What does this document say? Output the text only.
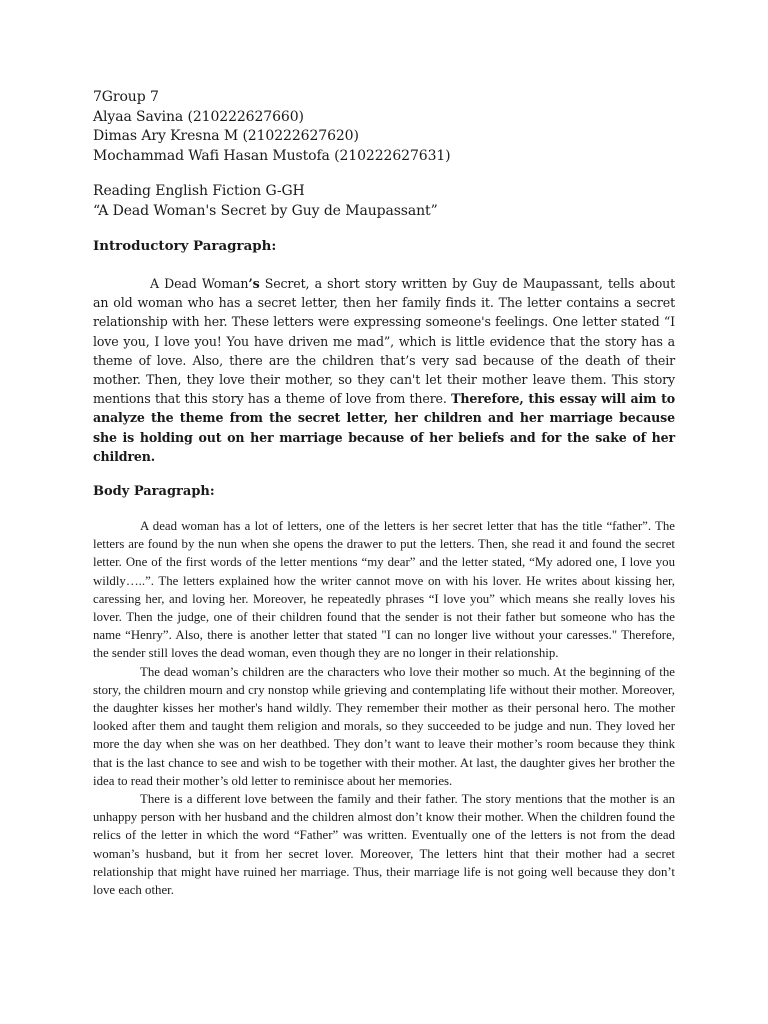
7Group 7
Alyaa Savina (210222627660)
Dimas Ary Kresna M (210222627620)
Mochammad Wafi Hasan Mustofa (210222627631)
Reading English Fiction G-GH
“A Dead Woman's Secret by Guy de Maupassant”

Introductory Paragraph:

A Dead Woman’s Secret, a short story written by Guy de Maupassant, tells about an old woman who has a secret letter, then her family finds it. The letter contains a secret relationship with her. These letters were expressing someone's feelings. One letter stated “I love you, I love you! You have driven me mad”, which is little evidence that the story has a theme of love. Also, there are the children that’s very sad because of the death of their mother. Then, they love their mother, so they can't let their mother leave them. This story mentions that this story has a theme of love from there. Therefore, this essay will aim to analyze the theme from the secret letter, her children and her marriage because she is holding out on her marriage because of her beliefs and for the sake of her children.

Body Paragraph:

A dead woman has a lot of letters, one of the letters is her secret letter that has the title “father”. The letters are found by the nun when she opens the drawer to put the letters. Then, she read it and found the secret letter. One of the first words of the letter mentions “my dear” and the letter stated, “My adored one, I love you wildly…..”. The letters explained how the writer cannot move on with his lover. He writes about kissing her, caressing her, and loving her. Moreover, he repeatedly phrases “I love you” which means she really loves his lover. Then the judge, one of their children found that the sender is not their father but someone who has the name “Henry”. Also, there is another letter that stated "I can no longer live without your caresses." Therefore, the sender still loves the dead woman, even though they are no longer in their relationship.

The dead woman’s children are the characters who love their mother so much. At the beginning of the story, the children mourn and cry nonstop while grieving and contemplating life without their mother. Moreover, the daughter kisses her mother's hand wildly. They remember their mother as their personal hero. The mother looked after them and taught them religion and morals, so they succeeded to be judge and nun. They loved her more the day when she was on her deathbed. They don’t want to leave their mother’s room because they think that is the last chance to see and wish to be together with their mother. At last, the daughter gives her brother the idea to read their mother’s old letter to reminisce about her memories.

There is a different love between the family and their father. The story mentions that the mother is an unhappy person with her husband and the children almost don’t know their mother. When the children found the relics of the letter in which the word “Father” was written. Eventually one of the letters is not from the dead woman’s husband, but it from her secret lover. Moreover, The letters hint that their mother had a secret relationship that might have ruined her marriage. Thus, their marriage life is not going well because they don’t love each other.
